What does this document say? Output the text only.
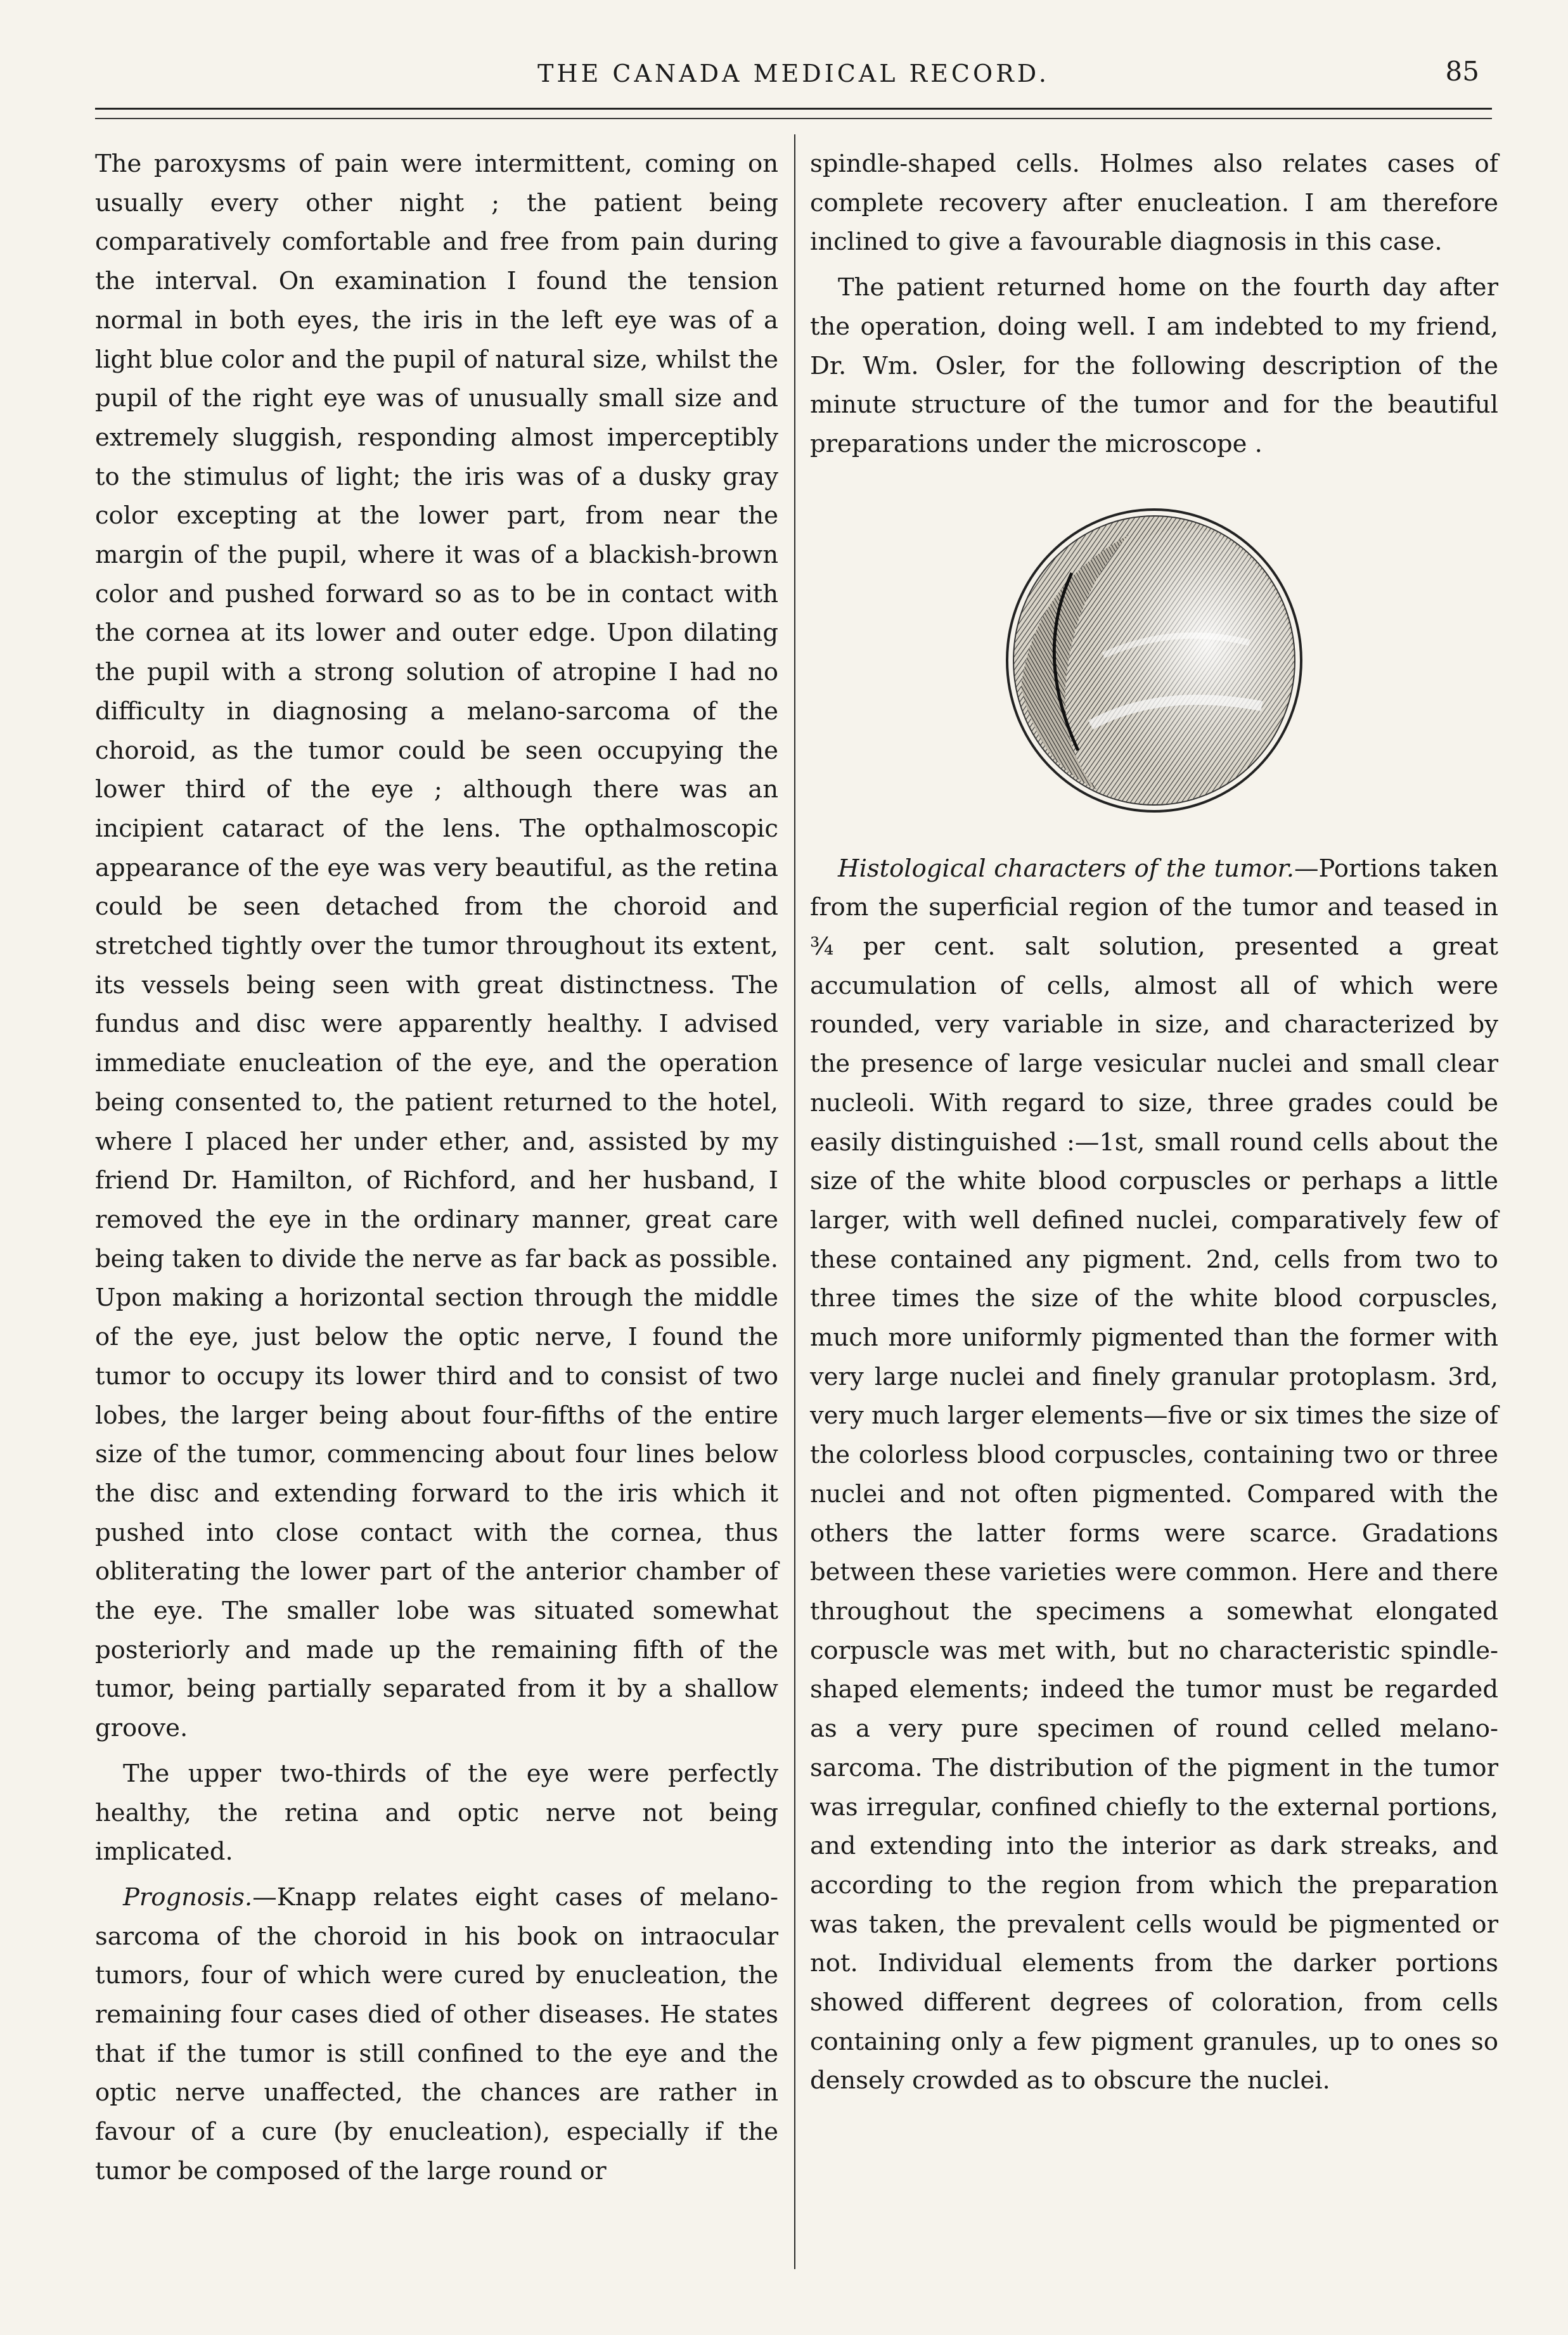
THE CANADA MEDICAL RECORD.	85

The paroxysms of pain were intermittent, coming on usually every other night ; the patient being comparatively comfortable and free from pain during the interval. On examination I found the tension normal in both eyes, the iris in the left eye was of a light blue color and the pupil of natural size, whilst the pupil of the right eye was of unusually small size and extremely sluggish, responding almost imperceptibly to the stimulus of light; the iris was of a dusky gray color excepting at the lower part, from near the margin of the pupil, where it was of a blackish-brown color and pushed forward so as to be in contact with the cornea at its lower and outer edge. Upon dilating the pupil with a strong solution of atropine I had no difficulty in diagnosing a melano-sarcoma of the choroid, as the tumor could be seen occupying the lower third of the eye ; although there was an incipient cataract of the lens. The opthalmoscopic appearance of the eye was very beautiful, as the retina could be seen detached from the choroid and stretched tightly over the tumor throughout its extent, its vessels being seen with great distinctness. The fundus and disc were apparently healthy. I advised immediate enucleation of the eye, and the operation being consented to, the patient returned to the hotel, where I placed her under ether, and, assisted by my friend Dr. Hamilton, of Richford, and her husband, I removed the eye in the ordinary manner, great care being taken to divide the nerve as far back as possible. Upon making a horizontal section through the middle of the eye, just below the optic nerve, I found the tumor to occupy its lower third and to consist of two lobes, the larger being about four-fifths of the entire size of the tumor, commencing about four lines below the disc and extending forward to the iris which it pushed into close contact with the cornea, thus obliterating the lower part of the anterior chamber of the eye. The smaller lobe was situated somewhat posteriorly and made up the remaining fifth of the tumor, being partially separated from it by a shallow groove.

The upper two-thirds of the eye were perfectly healthy, the retina and optic nerve not being implicated.

Prognosis.—Knapp relates eight cases of melano-sarcoma of the choroid in his book on intraocular tumors, four of which were cured by enucleation, the remaining four cases died of other diseases. He states that if the tumor is still confined to the eye and the optic nerve unaffected, the chances are rather in favour of a cure (by enucleation), especially if the tumor be composed of the large round or

spindle-shaped cells. Holmes also relates cases of complete recovery after enucleation. I am therefore inclined to give a favourable diagnosis in this case.

The patient returned home on the fourth day after the operation, doing well. I am indebted to my friend, Dr. Wm. Osler, for the following description of the minute structure of the tumor and for the beautiful preparations under the microscope .

Histological characters of the tumor.—Portions taken from the superficial region of the tumor and teased in ¾ per cent. salt solution, presented a great accumulation of cells, almost all of which were rounded, very variable in size, and characterized by the presence of large vesicular nuclei and small clear nucleoli. With regard to size, three grades could be easily distinguished :—1st, small round cells about the size of the white blood corpuscles or perhaps a little larger, with well defined nuclei, comparatively few of these contained any pigment. 2nd, cells from two to three times the size of the white blood corpuscles, much more uniformly pigmented than the former with very large nuclei and finely granular protoplasm. 3rd, very much larger elements—five or six times the size of the colorless blood corpuscles, containing two or three nuclei and not often pigmented. Compared with the others the latter forms were scarce. Gradations between these varieties were common. Here and there throughout the specimens a somewhat elongated corpuscle was met with, but no characteristic spindle-shaped elements; indeed the tumor must be regarded as a very pure specimen of round celled melano-sarcoma. The distribution of the pigment in the tumor was irregular, confined chiefly to the external portions, and extending into the interior as dark streaks, and according to the region from which the preparation was taken, the prevalent cells would be pigmented or not. Individual elements from the darker portions showed different degrees of coloration, from cells containing only a few pigment granules, up to ones so densely crowded as to obscure the nuclei.
